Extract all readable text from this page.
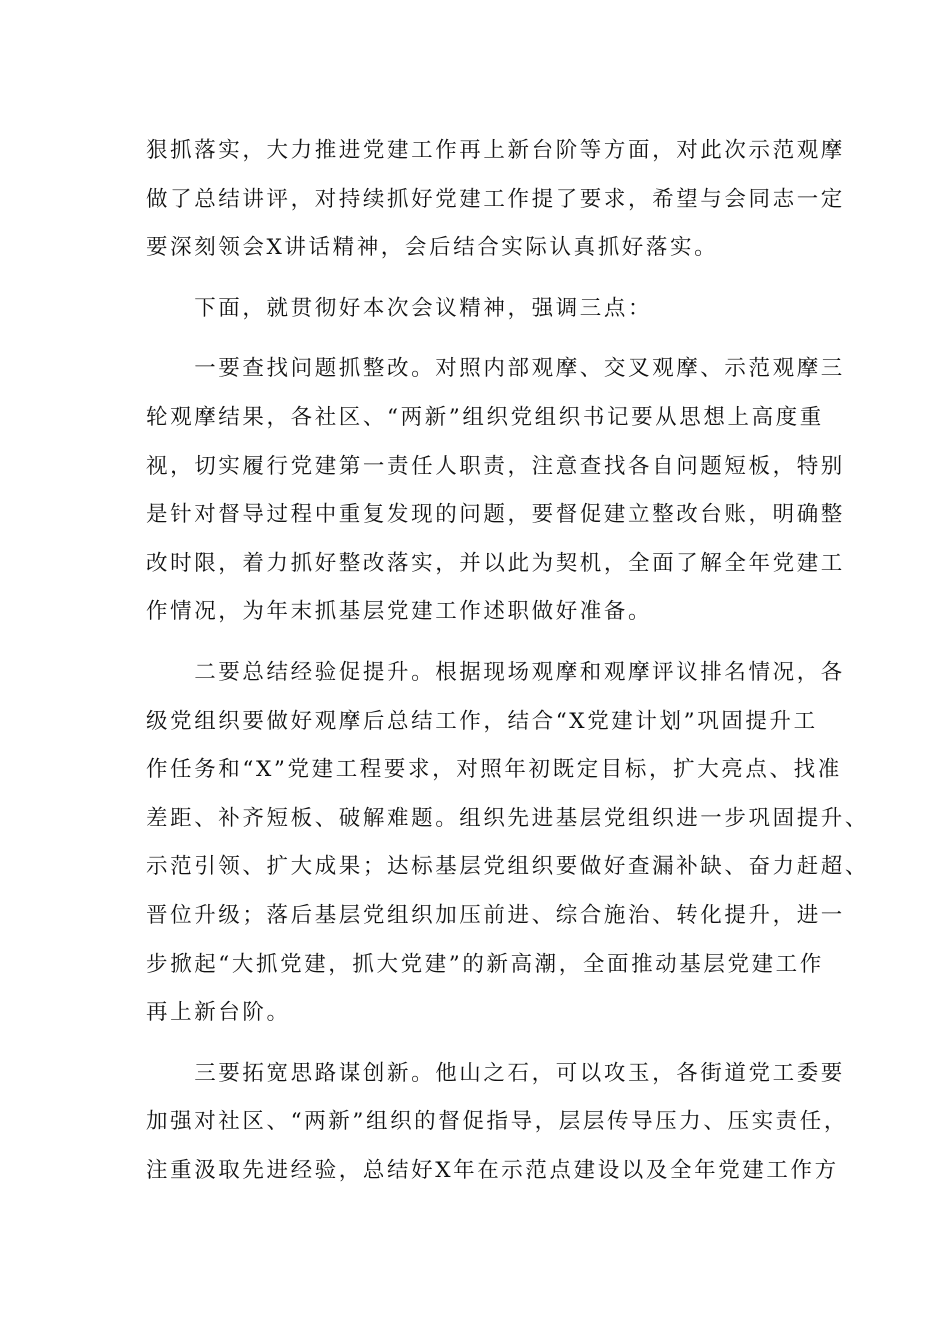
狠抓落实，大力推进党建工作再上新台阶等方面，对此次示范观摩
做了总结讲评，对持续抓好党建工作提了要求，希望与会同志一定
要深刻领会X讲话精神，会后结合实际认真抓好落实。
　　下面，就贯彻好本次会议精神，强调三点：
　　一要查找问题抓整改。对照内部观摩、交叉观摩、示范观摩三
轮观摩结果，各社区、“两新”组织党组织书记要从思想上高度重
视，切实履行党建第一责任人职责，注意查找各自问题短板，特别
是针对督导过程中重复发现的问题，要督促建立整改台账，明确整
改时限，着力抓好整改落实，并以此为契机，全面了解全年党建工
作情况，为年末抓基层党建工作述职做好准备。
　　二要总结经验促提升。根据现场观摩和观摩评议排名情况，各
级党组织要做好观摩后总结工作，结合“X党建计划”巩固提升工
作任务和“X”党建工程要求，对照年初既定目标，扩大亮点、找准
差距、补齐短板、破解难题。组织先进基层党组织进一步巩固提升、
示范引领、扩大成果；达标基层党组织要做好查漏补缺、奋力赶超、
晋位升级；落后基层党组织加压前进、综合施治、转化提升，进一
步掀起“大抓党建，抓大党建”的新高潮，全面推动基层党建工作
再上新台阶。
　　三要拓宽思路谋创新。他山之石，可以攻玉，各街道党工委要
加强对社区、“两新”组织的督促指导，层层传导压力、压实责任，
注重汲取先进经验，总结好X年在示范点建设以及全年党建工作方
